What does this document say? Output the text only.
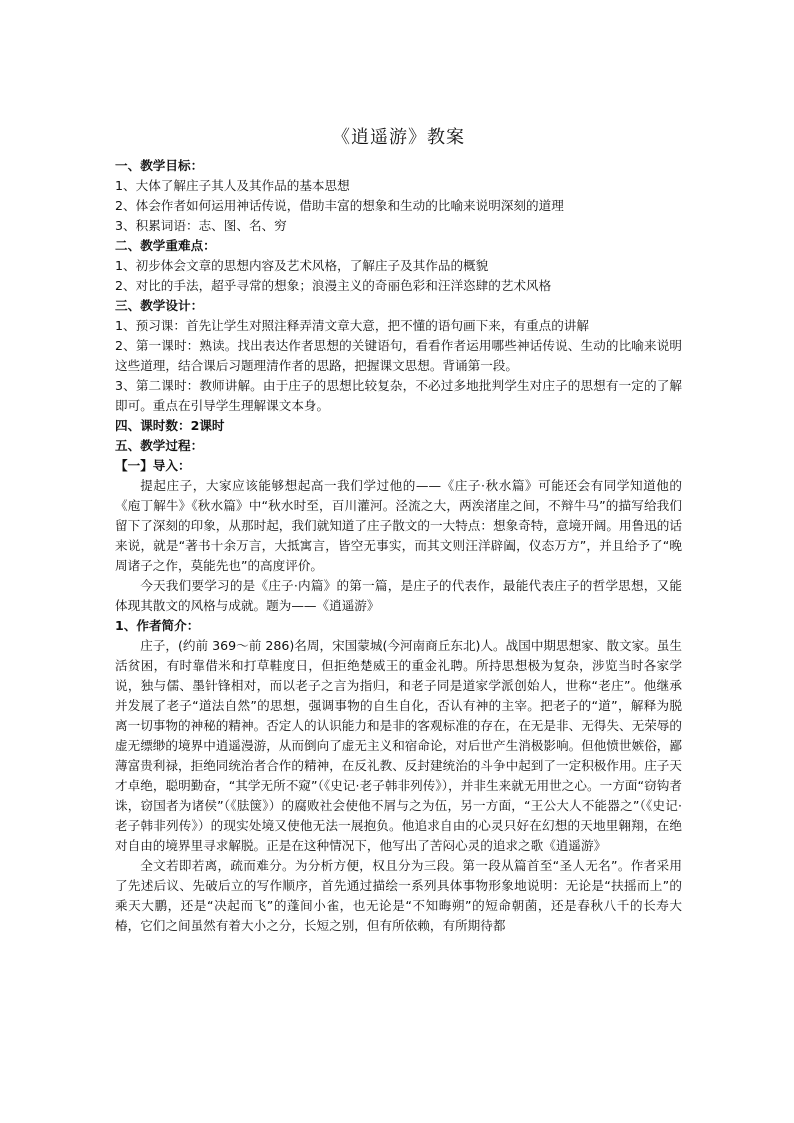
《逍遥游》教案

一、教学目标：

1、大体了解庄子其人及其作品的基本思想

2、体会作者如何运用神话传说，借助丰富的想象和生动的比喻来说明深刻的道理

3、积累词语：志、图、名、穷

二、教学重难点：

1、初步体会文章的思想内容及艺术风格，了解庄子及其作品的概貌

2、对比的手法，超乎寻常的想象；浪漫主义的奇丽色彩和汪洋恣肆的艺术风格

三、教学设计：

1、预习课：首先让学生对照注释弄清文章大意，把不懂的语句画下来，有重点的讲解

2、第一课时：熟读。找出表达作者思想的关键语句，看看作者运用哪些神话传说、生动的比喻来说明这些道理，结合课后习题理清作者的思路，把握课文思想。背诵第一段。

3、第二课时：教师讲解。由于庄子的思想比较复杂，不必过多地批判学生对庄子的思想有一定的了解即可。重点在引导学生理解课文本身。

四、课时数：2课时

五、教学过程：

【一】导入：

提起庄子，大家应该能够想起高一我们学过他的——《庄子·秋水篇》可能还会有同学知道他的《庖丁解牛》《秋水篇》中“秋水时至，百川灌河。泾流之大，两涘渚崖之间，不辩牛马”的描写给我们留下了深刻的印象，从那时起，我们就知道了庄子散文的一大特点：想象奇特，意境开阔。用鲁迅的话来说，就是“著书十余万言，大抵寓言，皆空无事实，而其文则汪洋辟阖，仪态万方”，并且给予了“晚周诸子之作，莫能先也”的高度评价。

今天我们要学习的是《庄子·内篇》的第一篇，是庄子的代表作，最能代表庄子的哲学思想，又能体现其散文的风格与成就。题为——《逍遥游》

1、作者简介：

庄子，(约前 369～前 286)名周，宋国蒙城(今河南商丘东北)人。战国中期思想家、散文家。虽生活贫困，有时靠借米和打草鞋度日，但拒绝楚威王的重金礼聘。所持思想极为复杂，涉览当时各家学说，独与儒、墨针锋相对，而以老子之言为指归，和老子同是道家学派创始人，世称“老庄”。他继承并发展了老子“道法自然”的思想，强调事物的自生自化，否认有神的主宰。把老子的“道”，解释为脱离一切事物的神秘的精神。否定人的认识能力和是非的客观标准的存在，在无是非、无得失、无荣辱的虚无缥缈的境界中逍遥漫游，从而倒向了虚无主义和宿命论，对后世产生消极影响。但他愤世嫉俗，鄙薄富贵利禄，拒绝同统治者合作的精神，在反礼教、反封建统治的斗争中起到了一定积极作用。庄子天才卓绝，聪明勤奋，“其学无所不窥”（《史记·老子韩非列传》），并非生来就无用世之心。一方面“窃钩者诛，窃国者为诸侯”（《胠箧》）的腐败社会使他不屑与之为伍，另一方面，“王公大人不能器之”（《史记·老子韩非列传》）的现实处境又使他无法一展抱负。他追求自由的心灵只好在幻想的天地里翱翔，在绝对自由的境界里寻求解脱。正是在这种情况下，他写出了苦闷心灵的追求之歌《逍遥游》

全文若即若离，疏而难分。为分析方便，权且分为三段。第一段从篇首至“圣人无名”。作者采用了先述后议、先破后立的写作顺序，首先通过描绘一系列具体事物形象地说明：无论是“扶摇而上”的乘天大鹏，还是“决起而飞”的蓬间小雀，也无论是“不知晦朔”的短命朝菌，还是春秋八千的长寿大椿，它们之间虽然有着大小之分，长短之别，但有所依赖，有所期待都
